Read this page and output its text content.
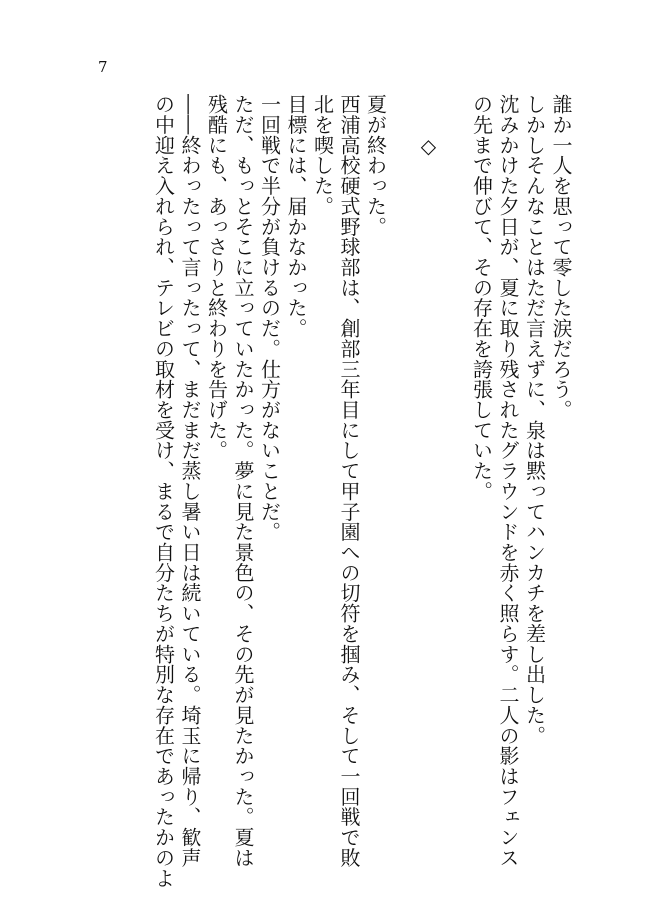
7
誰か一人を思って零した涙だろう。
しかしそんなことはただ言えずに、泉は黙ってハンカチを差し出した。
沈みかけた夕日が、夏に取り残されたグラウンドを赤く照らす。二人の影はフェンス
の先まで伸びて、その存在を誇張していた。
◇
夏が終わった。
西浦高校硬式野球部は、創部三年目にして甲子園への切符を掴み、そして一回戦で敗
北を喫した。
目標には、届かなかった。
一回戦で半分が負けるのだ。仕方がないことだ。
ただ、もっとそこに立っていたかった。夢に見た景色の、その先が見たかった。夏は
残酷にも、あっさりと終わりを告げた。
――終わったって言ったって、まだまだ蒸し暑い日は続いている。埼玉に帰り、歓声
の中迎え入れられ、テレビの取材を受け、まるで自分たちが特別な存在であったかのよ
